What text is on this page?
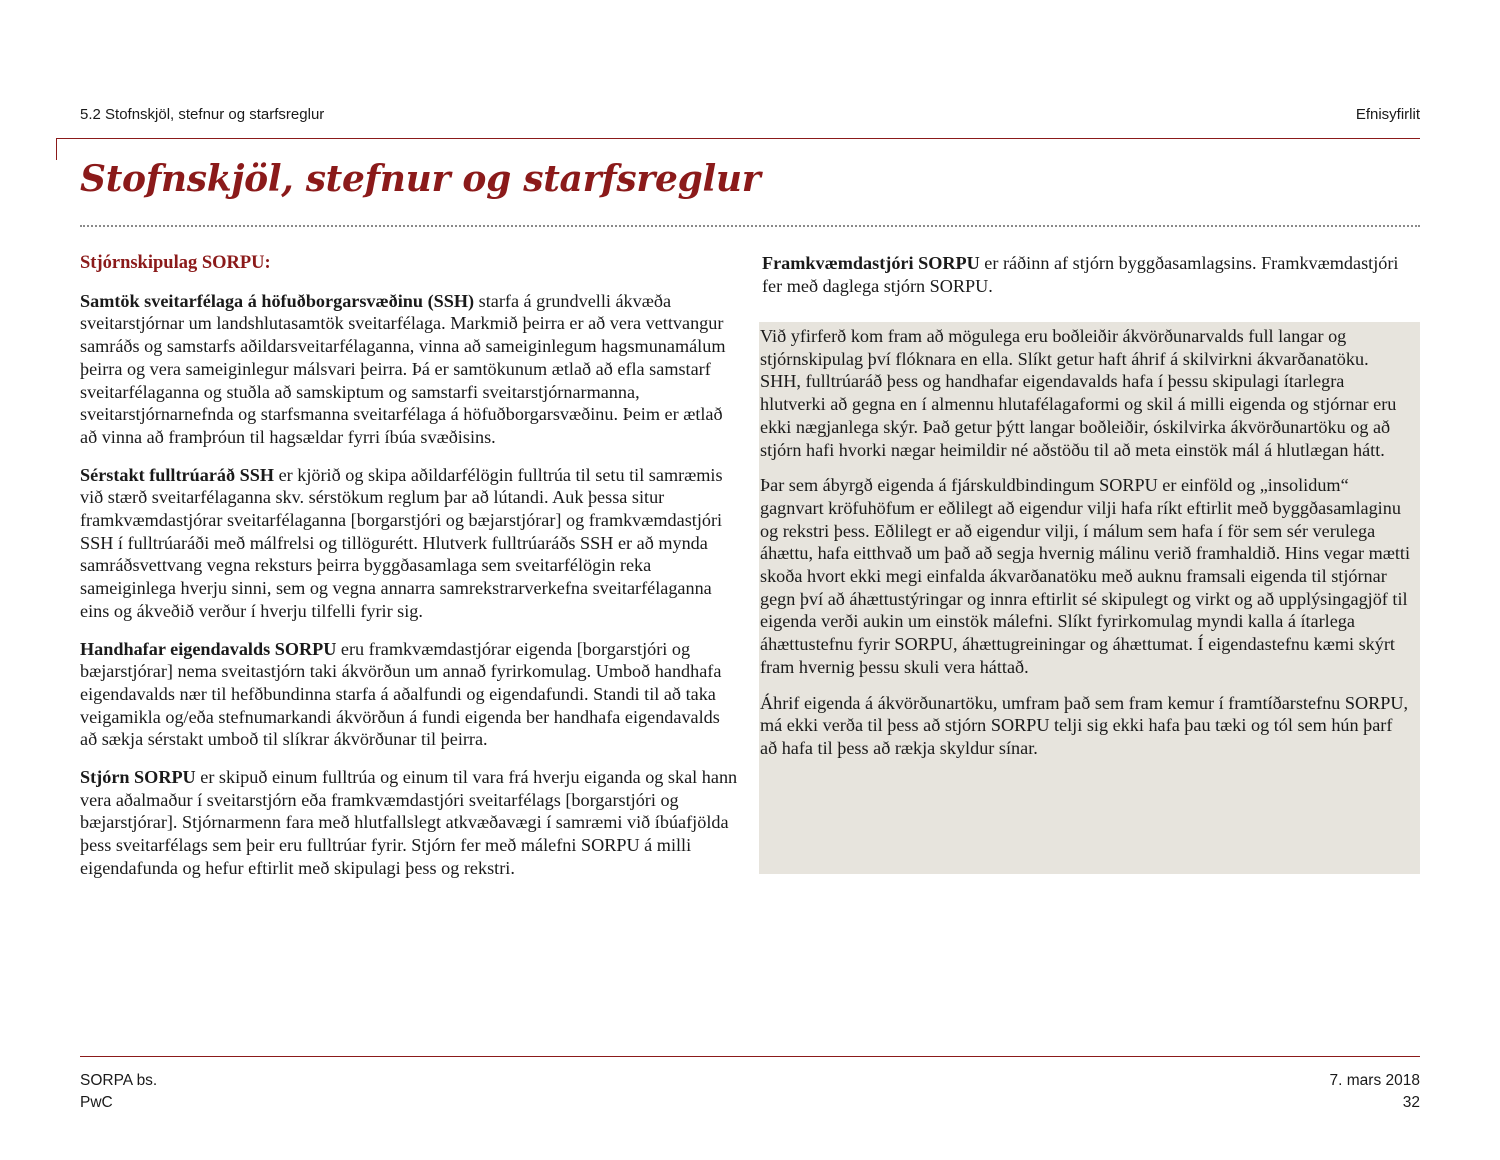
5.2 Stofnskjöl, stefnur og starfsreglur	Efnisyfirlit
Stofnskjöl, stefnur og starfsreglur
Stjórnskipulag SORPU:

Samtök sveitarfélaga á höfuðborgarsvæðinu (SSH) starfa á grundvelli ákvæða sveitarstjórnar um landshlutasamtök sveitarfélaga. Markmið þeirra er að vera vettvangur samráðs og samstarfs aðildarsveitarfélaganna, vinna að sameiginlegum hagsmunamálum þeirra og vera sameiginlegur málsvari þeirra. Þá er samtökunum ætlað að efla samstarf sveitarfélaganna og stuðla að samskiptum og samstarfi sveitarstjórnarmanna, sveitarstjórnarnefnda og starfsmanna sveitarfélaga á höfuðborgarsvæðinu. Þeim er ætlað að vinna að framþróun til hagsældar fyrri íbúa svæðisins.

Sérstakt fulltrúaráð SSH er kjörið og skipa aðildarfélögin fulltrúa til setu til samræmis við stærð sveitarfélaganna skv. sérstökum reglum þar að lútandi. Auk þessa situr framkvæmdastjórar sveitarfélaganna [borgarstjóri og bæjarstjórar] og framkvæmdastjóri SSH í fulltrúaráði með málfrelsi og tillögurétt. Hlutverk fulltrúaráðs SSH er að mynda samráðsvettvang vegna reksturs þeirra byggðasamlaga sem sveitarfélögin reka sameiginlega hverju sinni, sem og vegna annarra samrekstrarverkefna sveitarfélaganna eins og ákveðið verður í hverju tilfelli fyrir sig.

Handhafar eigendavalds SORPU eru framkvæmdastjórar eigenda [borgarstjóri og bæjarstjórar] nema sveitastjórn taki ákvörðun um annað fyrirkomulag. Umboð handhafa eigendavalds nær til hefðbundinna starfa á aðalfundi og eigendafundi. Standi til að taka veigamikla og/eða stefnumarkandi ákvörðun á fundi eigenda ber handhafa eigendavalds að sækja sérstakt umboð til slíkrar ákvörðunar til þeirra.

Stjórn SORPU er skipuð einum fulltrúa og einum til vara frá hverju eiganda og skal hann vera aðalmaður í sveitarstjórn eða framkvæmdastjóri sveitarfélags [borgarstjóri og bæjarstjórar]. Stjórnarmenn fara með hlutfallslegt atkvæðavægi í samræmi við íbúafjölda þess sveitarfélags sem þeir eru fulltrúar fyrir. Stjórn fer með málefni SORPU á milli eigendafunda og hefur eftirlit með skipulagi þess og rekstri.

Framkvæmdastjóri SORPU er ráðinn af stjórn byggðasamlagsins. Framkvæmdastjóri fer með daglega stjórn SORPU.

Við yfirferð kom fram að mögulega eru boðleiðir ákvörðunarvalds full langar og stjórnskipulag því flóknara en ella. Slíkt getur haft áhrif á skilvirkni ákvarðanatöku. SHH, fulltrúaráð þess og handhafar eigendavalds hafa í þessu skipulagi ítarlegra hlutverki að gegna en í almennu hlutafélagaformi og skil á milli eigenda og stjórnar eru ekki nægjanlega skýr. Það getur þýtt langar boðleiðir, óskilvirka ákvörðunartöku og að stjórn hafi hvorki nægar heimildir né aðstöðu til að meta einstök mál á hlutlægan hátt.

Þar sem ábyrgð eigenda á fjárskuldbindingum SORPU er einföld og „insolidum“ gagnvart kröfuhöfum er eðlilegt að eigendur vilji hafa ríkt eftirlit með byggðasamlaginu og rekstri þess. Eðlilegt er að eigendur vilji, í málum sem hafa í för sem sér verulega áhættu, hafa eitthvað um það að segja hvernig málinu verið framhaldið. Hins vegar mætti skoða hvort ekki megi einfalda ákvarðanatöku með auknu framsali eigenda til stjórnar gegn því að áhættustýringar og innra eftirlit sé skipulegt og virkt og að upplýsingagjöf til eigenda verði aukin um einstök málefni. Slíkt fyrirkomulag myndi kalla á ítarlega áhættustefnu fyrir SORPU, áhættugreiningar og áhættumat. Í eigendastefnu kæmi skýrt fram hvernig þessu skuli vera háttað.

Áhrif eigenda á ákvörðunartöku, umfram það sem fram kemur í framtíðarstefnu SORPU, má ekki verða til þess að stjórn SORPU telji sig ekki hafa þau tæki og tól sem hún þarf að hafa til þess að rækja skyldur sínar.

SORPA bs.
PwC
7. mars 2018
32
